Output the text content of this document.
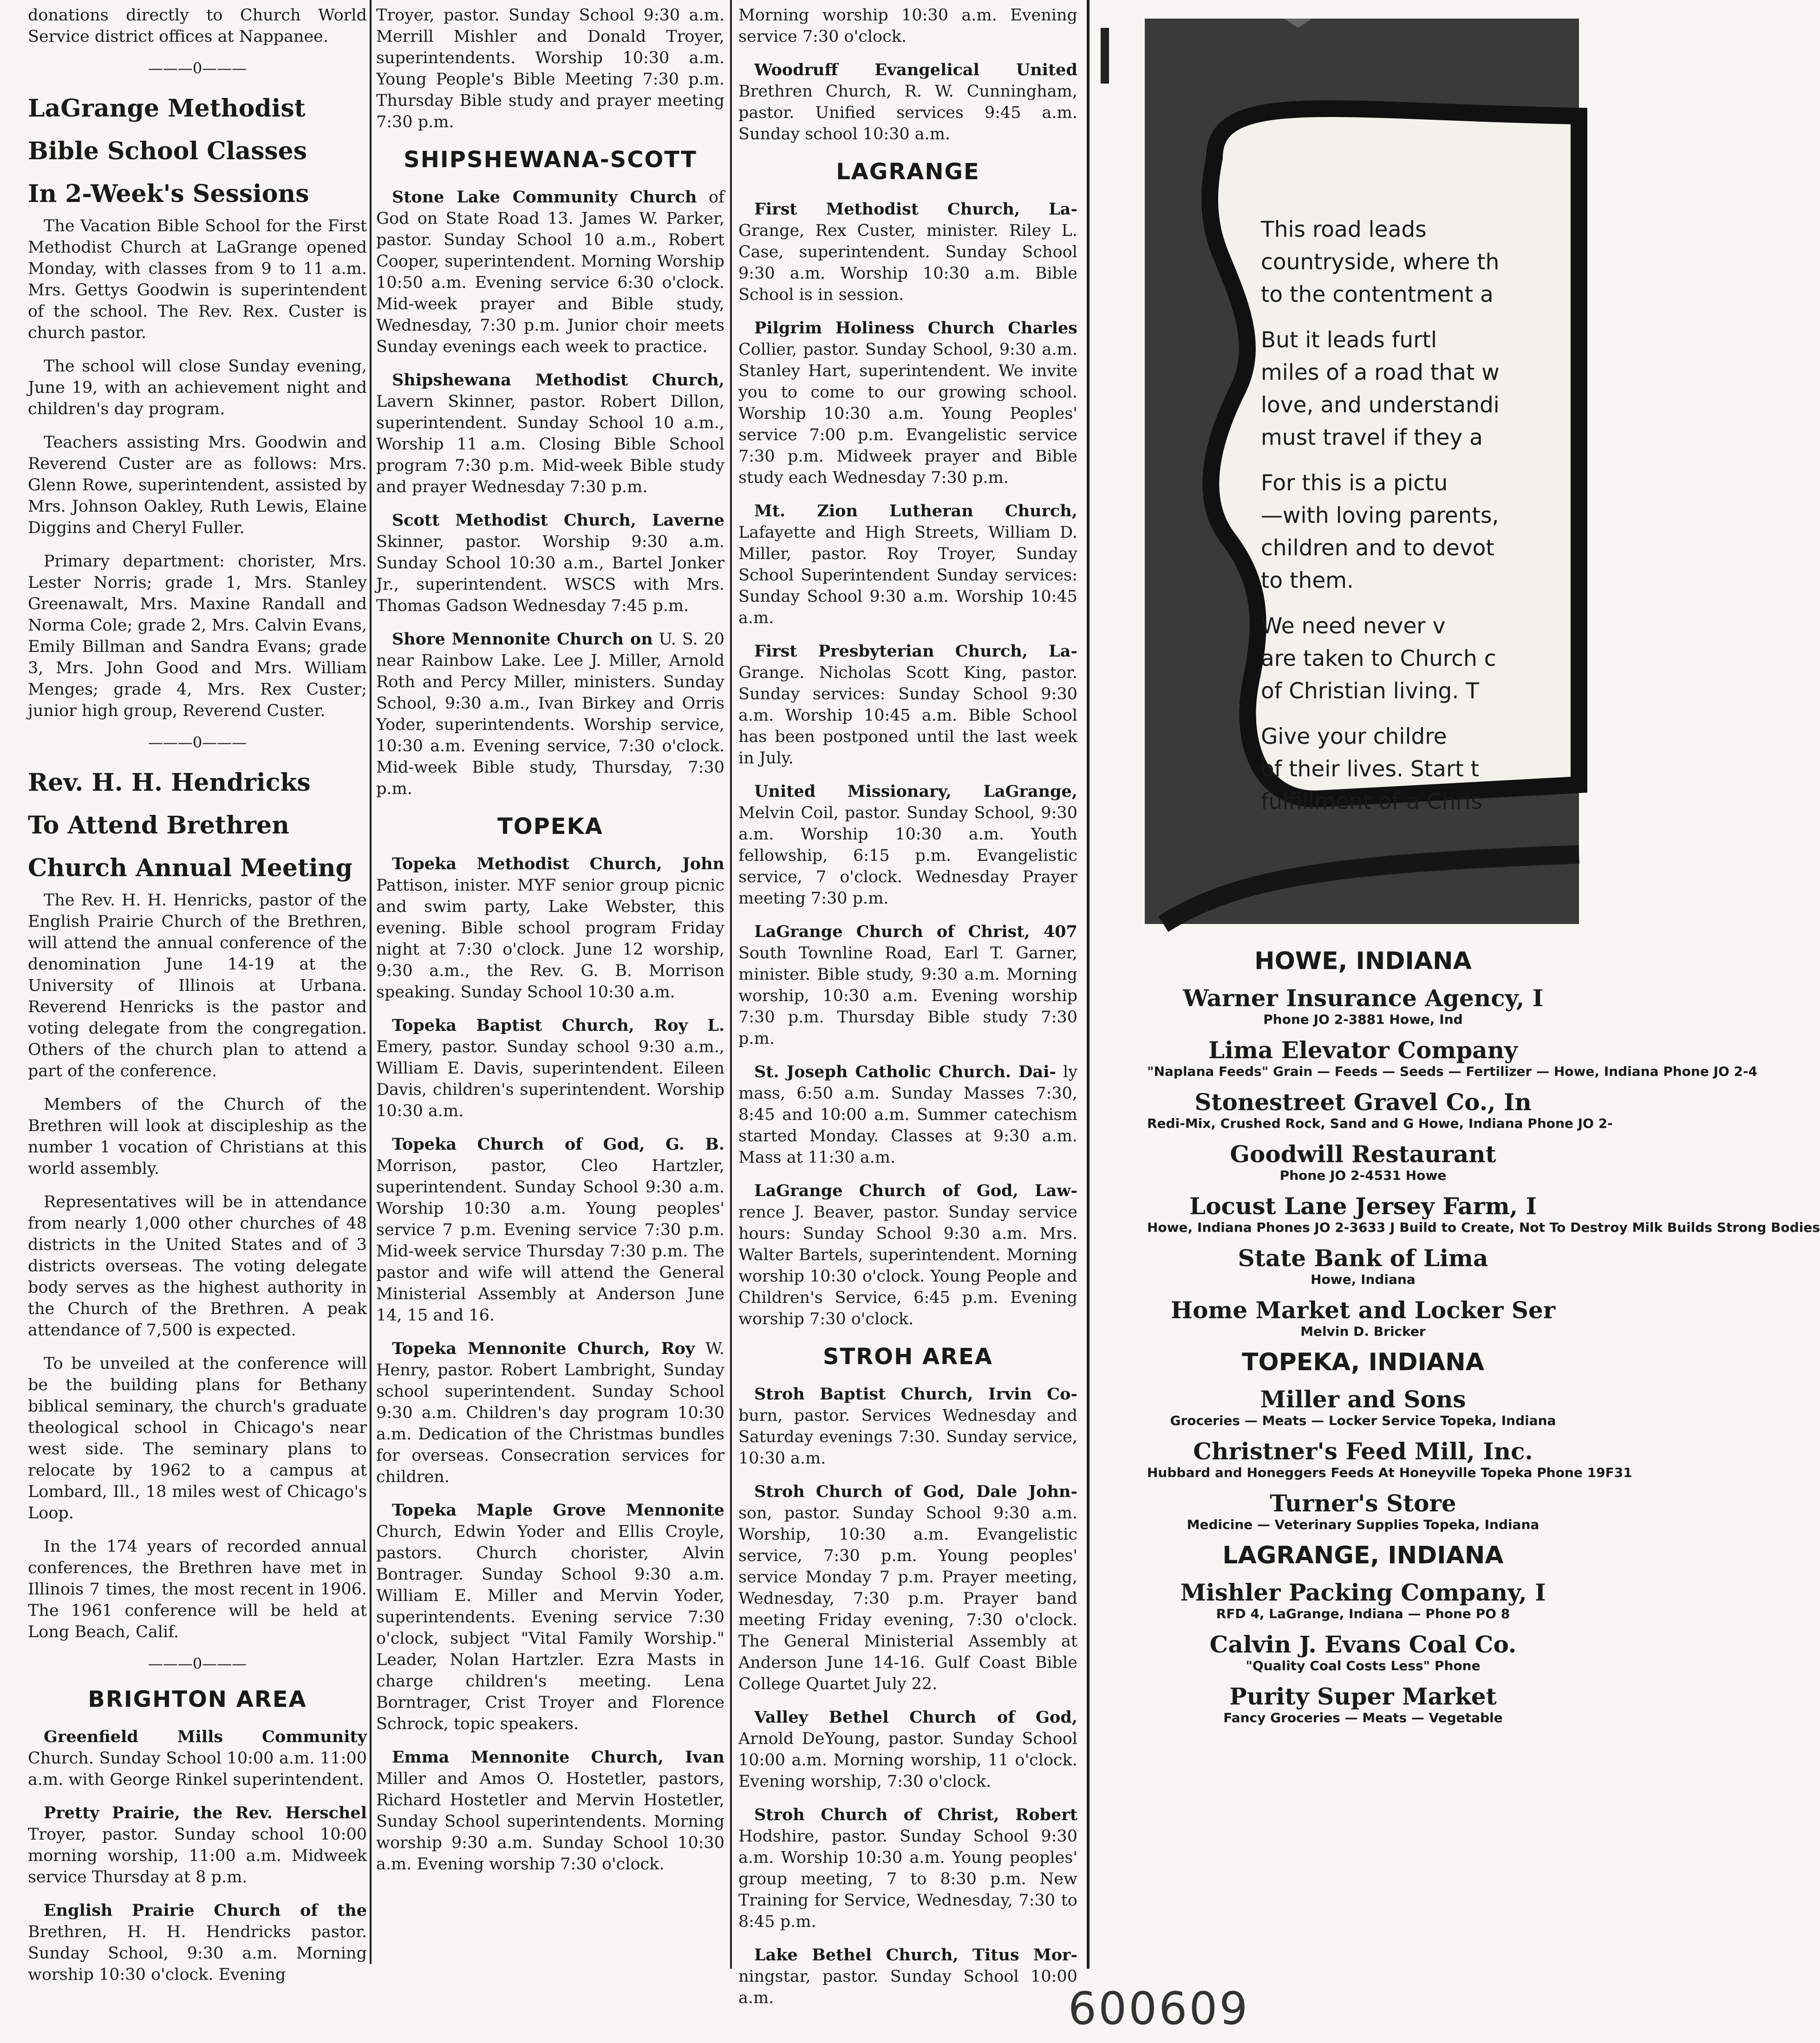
donations directly to Church World Service district offices at Nappanee.

———0———
LaGrange Methodist
Bible School Classes
In 2-Week's Sessions

The Vacation Bible School for the First Methodist Church at LaGrange opened Monday, with classes from 9 to 11 a.m. Mrs. Gettys Goodwin is superintendent of the school. The Rev. Rex. Custer is church pastor.

The school will close Sunday evening, June 19, with an achievement night and children's day program.

Teachers assisting Mrs. Goodwin and Reverend Custer are as follows: Mrs. Glenn Rowe, superintendent, assisted by Mrs. Johnson Oakley, Ruth Lewis, Elaine Diggins and Cheryl Fuller.

Primary department: chorister, Mrs. Lester Norris; grade 1, Mrs. Stanley Greenawalt, Mrs. Maxine Randall and Norma Cole; grade 2, Mrs. Calvin Evans, Emily Billman and Sandra Evans; grade 3, Mrs. John Good and Mrs. William Menges; grade 4, Mrs. Rex Custer; junior high group, Reverend Custer.

———0———
Rev. H. H. Hendricks
To Attend Brethren
Church Annual Meeting

The Rev. H. H. Henricks, pastor of the English Prairie Church of the Brethren, will attend the annual conference of the denomination June 14-19 at the University of Illinois at Urbana. Reverend Henricks is the pastor and voting delegate from the congregation. Others of the church plan to attend a part of the conference.

Members of the Church of the Brethren will look at discipleship as the number 1 vocation of Christians at this world assembly.

Representatives will be in attendance from nearly 1,000 other churches of 48 districts in the United States and of 3 districts overseas. The voting delegate body serves as the highest authority in the Church of the Brethren. A peak attendance of 7,500 is expected.

To be unveiled at the conference will be the building plans for Bethany biblical seminary, the church's graduate theological school in Chicago's near west side. The seminary plans to relocate by 1962 to a campus at Lombard, Ill., 18 miles west of Chicago's Loop.

In the 174 years of recorded annual conferences, the Brethren have met in Illinois 7 times, the most recent in 1906. The 1961 conference will be held at Long Beach, Calif.

———0———
BRIGHTON AREA

Greenfield Mills Community Church. Sunday School 10:00 a.m. 11:00 a.m. with George Rinkel superintendent.

Pretty Prairie, the Rev. Herschel Troyer, pastor. Sunday school 10:00 morning worship, 11:00 a.m. Midweek service Thursday at 8 p.m.

English Prairie Church of the Brethren, H. H. Hendricks pastor. Sunday School, 9:30 a.m. Morning worship 10:30 o'clock. Evening

Troyer, pastor. Sunday School 9:30 a.m. Merrill Mishler and Donald Troyer, superintendents. Worship 10:30 a.m. Young People's Bible Meeting 7:30 p.m. Thursday Bible study and prayer meeting 7:30 p.m.

SHIPSHEWANA-SCOTT

Stone Lake Community Church of God on State Road 13. James W. Parker, pastor. Sunday School 10 a.m., Robert Cooper, superintendent. Morning Worship 10:50 a.m. Evening service 6:30 o'clock. Mid-week prayer and Bible study, Wednesday, 7:30 p.m. Junior choir meets Sunday evenings each week to practice.

Shipshewana Methodist Church, Lavern Skinner, pastor. Robert Dillon, superintendent. Sunday School 10 a.m., Worship 11 a.m. Closing Bible School program 7:30 p.m. Mid-week Bible study and prayer Wednesday 7:30 p.m.

Scott Methodist Church, Laverne Skinner, pastor. Worship 9:30 a.m. Sunday School 10:30 a.m., Bartel Jonker Jr., superintendent. WSCS with Mrs. Thomas Gadson Wednesday 7:45 p.m.

Shore Mennonite Church on U. S. 20 near Rainbow Lake. Lee J. Miller, Arnold Roth and Percy Miller, ministers. Sunday School, 9:30 a.m., Ivan Birkey and Orris Yoder, superintendents. Worship service, 10:30 a.m. Evening service, 7:30 o'clock. Mid-week Bible study, Thursday, 7:30 p.m.

TOPEKA

Topeka Methodist Church, John Pattison, inister. MYF senior group picnic and swim party, Lake Webster, this evening. Bible school program Friday night at 7:30 o'clock. June 12 worship, 9:30 a.m., the Rev. G. B. Morrison speaking. Sunday School 10:30 a.m.

Topeka Baptist Church, Roy L. Emery, pastor. Sunday school 9:30 a.m., William E. Davis, superintendent. Eileen Davis, children's superintendent. Worship 10:30 a.m.

Topeka Church of God, G. B. Morrison, pastor, Cleo Hartzler, superintendent. Sunday School 9:30 a.m. Worship 10:30 a.m. Young peoples' service 7 p.m. Evening service 7:30 p.m. Mid-week service Thursday 7:30 p.m. The pastor and wife will attend the General Ministerial Assembly at Anderson June 14, 15 and 16.

Topeka Mennonite Church, Roy W. Henry, pastor. Robert Lambright, Sunday school superintendent. Sunday School 9:30 a.m. Children's day program 10:30 a.m. Dedication of the Christmas bundles for overseas. Consecration services for children.

Topeka Maple Grove Mennonite Church, Edwin Yoder and Ellis Croyle, pastors. Church chorister, Alvin Bontrager. Sunday School 9:30 a.m. William E. Miller and Mervin Yoder, superintendents. Evening service 7:30 o'clock, subject "Vital Family Worship." Leader, Nolan Hartzler. Ezra Masts in charge children's meeting. Lena Borntrager, Crist Troyer and Florence Schrock, topic speakers.

Emma Mennonite Church, Ivan Miller and Amos O. Hostetler, pastors, Richard Hostetler and Mervin Hostetler, Sunday School superintendents. Morning worship 9:30 a.m. Sunday School 10:30 a.m. Evening worship 7:30 o'clock.

Morning worship 10:30 a.m. Evening service 7:30 o'clock.

Woodruff Evangelical United Brethren Church, R. W. Cunningham, pastor. Unified services 9:45 a.m. Sunday school 10:30 a.m.

LAGRANGE

First Methodist Church, La- Grange, Rex Custer, minister. Riley L. Case, superintendent. Sunday School 9:30 a.m. Worship 10:30 a.m. Bible School is in session.

Pilgrim Holiness Church Charles Collier, pastor. Sunday School, 9:30 a.m. Stanley Hart, superintendent. We invite you to come to our growing school. Worship 10:30 a.m. Young Peoples' service 7:00 p.m. Evangelistic service 7:30 p.m. Midweek prayer and Bible study each Wednesday 7:30 p.m.

Mt. Zion Lutheran Church, Lafayette and High Streets, William D. Miller, pastor. Roy Troyer, Sunday School Superintendent Sunday services: Sunday School 9:30 a.m. Worship 10:45 a.m.

First Presbyterian Church, La- Grange. Nicholas Scott King, pastor. Sunday services: Sunday School 9:30 a.m. Worship 10:45 a.m. Bible School has been postponed until the last week in July.

United Missionary, LaGrange, Melvin Coil, pastor. Sunday School, 9:30 a.m. Worship 10:30 a.m. Youth fellowship, 6:15 p.m. Evangelistic service, 7 o'clock. Wednesday Prayer meeting 7:30 p.m.

LaGrange Church of Christ, 407 South Townline Road, Earl T. Garner, minister. Bible study, 9:30 a.m. Morning worship, 10:30 a.m. Evening worship 7:30 p.m. Thursday Bible study 7:30 p.m.

St. Joseph Catholic Church. Dai- ly mass, 6:50 a.m. Sunday Masses 7:30, 8:45 and 10:00 a.m. Summer catechism started Monday. Classes at 9:30 a.m. Mass at 11:30 a.m.

LaGrange Church of God, Law- rence J. Beaver, pastor. Sunday service hours: Sunday School 9:30 a.m. Mrs. Walter Bartels, superintendent. Morning worship 10:30 o'clock. Young People and Children's Service, 6:45 p.m. Evening worship 7:30 o'clock.

STROH AREA

Stroh Baptist Church, Irvin Co- burn, pastor. Services Wednesday and Saturday evenings 7:30. Sunday service, 10:30 a.m.

Stroh Church of God, Dale John- son, pastor. Sunday School 9:30 a.m. Worship, 10:30 a.m. Evangelistic service, 7:30 p.m. Young peoples' service Monday 7 p.m. Prayer meeting, Wednesday, 7:30 p.m. Prayer band meeting Friday evening, 7:30 o'clock. The General Ministerial Assembly at Anderson June 14-16. Gulf Coast Bible College Quartet July 22.

Valley Bethel Church of God, Arnold DeYoung, pastor. Sunday School 10:00 a.m. Morning worship, 11 o'clock. Evening worship, 7:30 o'clock.

Stroh Church of Christ, Robert Hodshire, pastor. Sunday School 9:30 a.m. Worship 10:30 a.m. Young peoples' group meeting, 7 to 8:30 p.m. New Training for Service, Wednesday, 7:30 to 8:45 p.m.

Lake Bethel Church, Titus Mor- ningstar, pastor. Sunday School 10:00 a.m.

This road leads
countryside, where th
to the contentment a

But it leads furtl
miles of a road that w
love, and understandi
must travel if they a

For this is a pictu
—with loving parents,
children and to devot
to them.

We need never v
are taken to Church c
of Christian living. T

Give your childre
of their lives. Start t
fulfillment of a Chris

HOWE, INDIANA
Warner Insurance Agency, I
Phone JO 2-3881 Howe, Ind
Lima Elevator Company
"Naplana Feeds" Grain — Feeds — Seeds — Fertilizer — Howe, Indiana Phone JO 2-4
Stonestreet Gravel Co., In
Redi-Mix, Crushed Rock, Sand and G Howe, Indiana Phone JO 2-
Goodwill Restaurant
Phone JO 2-4531 Howe
Locust Lane Jersey Farm, I
Howe, Indiana Phones JO 2-3633 J Build to Create, Not To Destroy Milk Builds Strong Bodies
State Bank of Lima
Howe, Indiana
Home Market and Locker Ser
Melvin D. Bricker
TOPEKA, INDIANA
Miller and Sons
Groceries — Meats — Locker Service Topeka, Indiana
Christner's Feed Mill, Inc.
Hubbard and Honeggers Feeds At Honeyville Topeka Phone 19F31
Turner's Store
Medicine — Veterinary Supplies Topeka, Indiana
LAGRANGE, INDIANA
Mishler Packing Company, I
RFD 4, LaGrange, Indiana — Phone PO 8
Calvin J. Evans Coal Co.
"Quality Coal Costs Less" Phone
Purity Super Market
Fancy Groceries — Meats — Vegetable
600609
